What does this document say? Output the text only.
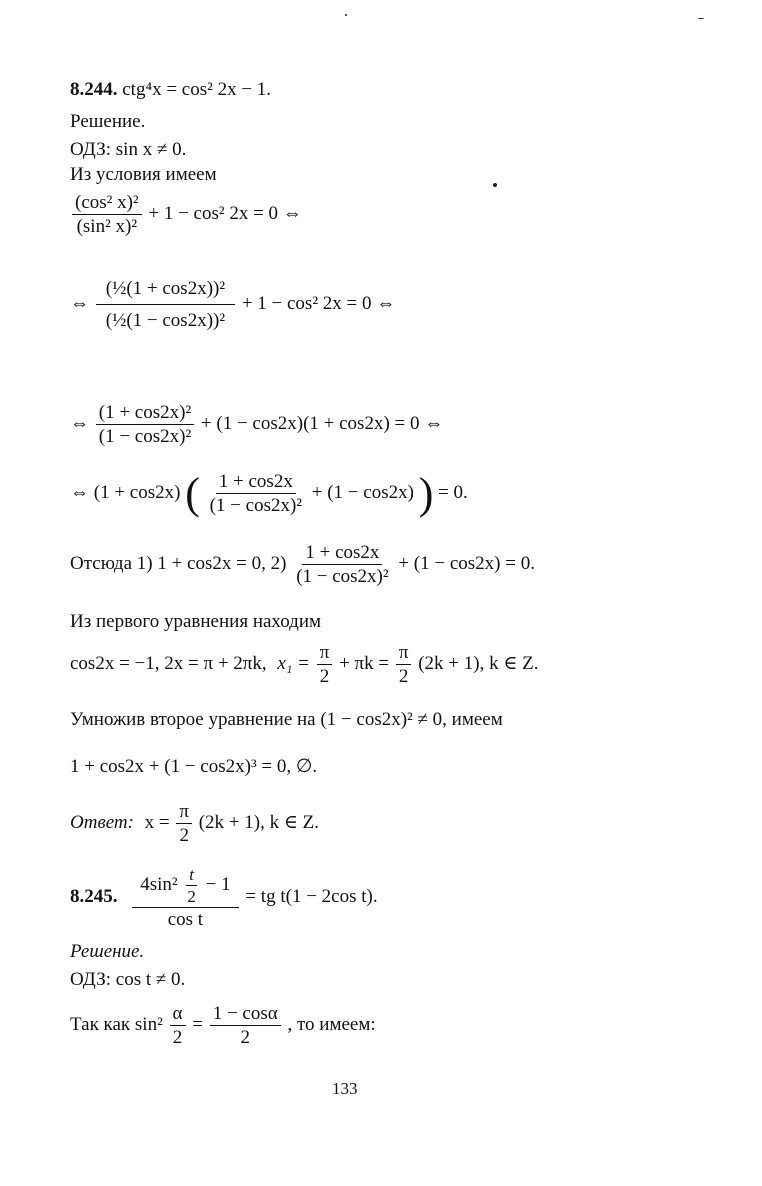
8.244. ctg⁴x = cos² 2x − 1.
Решение.
ОДЗ: sin x ≠ 0.
Из условия имеем
$\frac{\text{(cos² x)²}}{\text{(sin² x)²}} + 1 - \cos^2$ 2x = 0 ⇔
⇔ $\frac{\text{(½(1 + cos2x))²}}{\text{(½(1 − cos2x))²}} + 1 - \cos^2$ 2x = 0 ⇔
⇔ $\frac{\text{(1 + cos2x)²}}{\text{(1 − cos2x)²}} + (1 - \cos 2x)(1 + \cos 2x) = 0$ ⇔
⇔ (1 + cos2x) ( $\frac{1 + \cos 2x}{\text{(1 − cos2x)²}} + (1 - \cos 2x)$ ) = 0.
Отсюда 1) 1 + cos2x = 0, $2) \frac{1 + \cos 2x}{\text{(1 − cos2x)²}} + (1 - \cos 2x) = 0$.
Из первого уравнения находим
cos2x = −1, 2x = π + 2πk, $x_1 = \frac{\pi}{2} + \pi k = \frac{\pi}{2} (2k + 1)$, k ∈ Z.
Умножив второе уравнение на (1 − cos2x)² ≠ 0, имеем
1 + cos2x + (1 − cos2x)³ = 0, ∅.
Ответ: $x = \frac{\pi}{2} (2k + 1)$, k ∈ Z.
8.245. $\frac{4\sin^2 \frac{t}{2} - 1}{\text{cos t}}$ = tg t(1 − 2cos t).
Решение.
ОДЗ: cos t ≠ 0.
Так как $\sin^2 \frac{\alpha}{2} = \frac{1 - \cos\alpha}{2}$ , то имеем:
133
